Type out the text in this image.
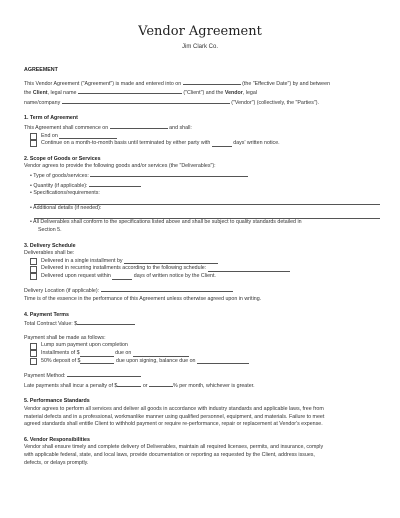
Vendor Agreement
Jim Clark Co.
AGREEMENT
This Vendor Agreement ("Agreement") is made and entered into on	(the "Effective Date") by and between
the Client, legal name	("Client") and the Vendor, legal
name/company	("Vendor") (collectively, the "Parties").
1. Term of Agreement
This Agreement shall commence on	and shall:
End on

Continue on a month-to-month basis until terminated by either party with

	days' written notice.
2. Scope of Goods or Services
Vendor agrees to provide the following goods and/or services (the "Deliverables"):
• Type of goods/services:
• Quantity (if applicable):
• Specifications/requirements:
• Additional details (if needed):
• All Deliverables shall conform to the specifications listed above and shall be subject to quality standards detailed in
Section 5.
3. Delivery Schedule
Deliverables shall be:
Delivered in a single installment by

Delivered in recurring installments according to the following schedule:

Delivered upon request within

	days of written notice by the Client.
Delivery Location (if applicable):
Time is of the essence in the performance of this Agreement unless otherwise agreed upon in writing.
4. Payment Terms
Total Contract Value: $
Payment shall be made as follows:
Lump sum payment upon completion
Installments of $
	due on

50% deposit of $
	due upon signing, balance due on

Payment Method:
Late payments shall incur a penalty of $	or	% per month, whichever is greater.
5. Performance Standards
Vendor agrees to perform all services and deliver all goods in accordance with industry standards and applicable laws, free from
material defects and in a professional, workmanlike manner using qualified personnel, equipment, and materials. Failure to meet
agreed standards shall entitle Client to withhold payment or require re-performance, repair or replacement at Vendor's expense.
6. Vendor Responsibilities
Vendor shall ensure timely and complete delivery of Deliverables, maintain all required licenses, permits, and insurance, comply
with applicable federal, state, and local laws, provide documentation or reporting as requested by the Client, address issues,
defects, or delays promptly.
